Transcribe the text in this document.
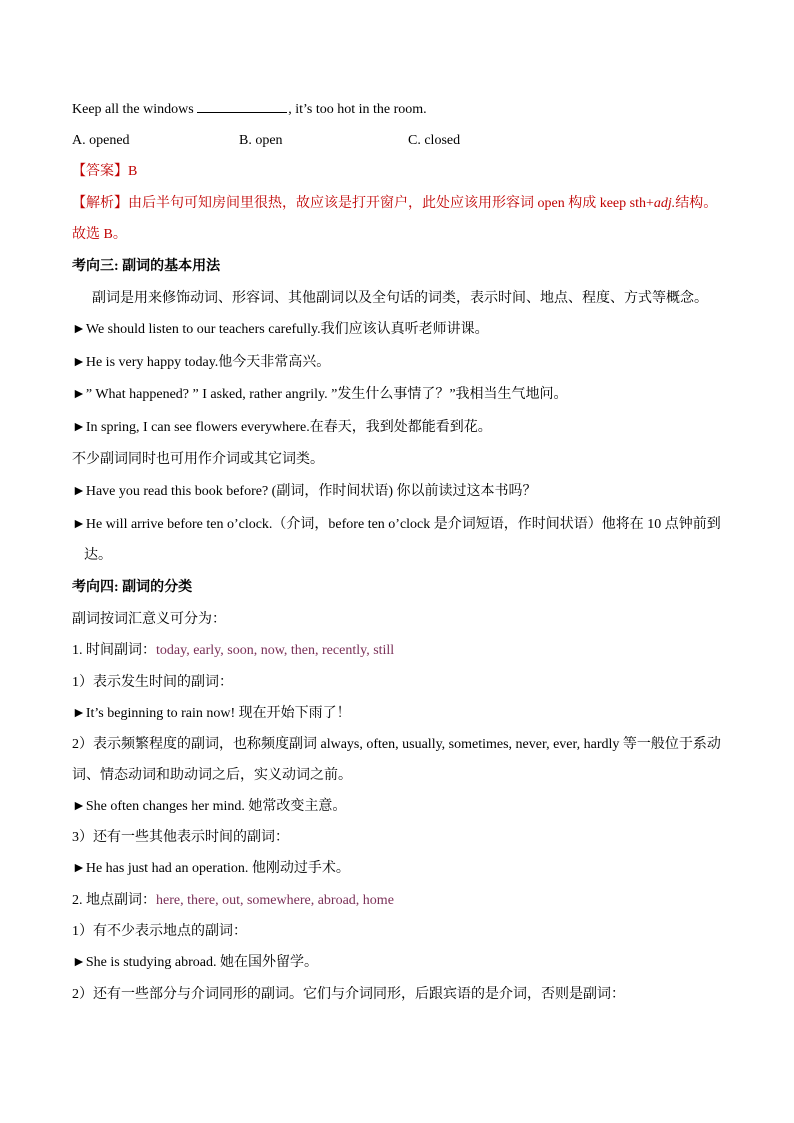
Keep all the windows	, it’s too hot in the room.
A. opened	B. open	C. closed
【答案】B
【解析】由后半句可知房间里很热，故应该是打开窗户，此处应该用形容词 open 构成 keep sth+adj.结构。
故选 B。
考向三: 副词的基本用法
副词是用来修饰动词、形容词、其他副词以及全句话的词类，表示时间、地点、程度、方式等概念。
►We should listen to our teachers carefully.我们应该认真听老师讲课。
►He is very happy today.他今天非常高兴。
►” What happened? ” I asked, rather angrily. ”发生什么事情了？”我相当生气地问。
►In spring, I can see flowers everywhere.在春天，我到处都能看到花。
不少副词同时也可用作介词或其它词类。
►Have you read this book before? (副词，作时间状语) 你以前读过这本书吗？
►He will arrive before ten o’clock.（介词，before ten o’clock 是介词短语，作时间状语）他将在 10 点钟前到
达。
考向四: 副词的分类
副词按词汇意义可分为：
1. 时间副词：today, early, soon, now, then, recently, still
1）表示发生时间的副词：
►It’s beginning to rain now! 现在开始下雨了！
2）表示频繁程度的副词，也称频度副词 always, often, usually, sometimes, never, ever, hardly 等一般位于系动
词、情态动词和助动词之后，实义动词之前。
►She often changes her mind. 她常改变主意。
3）还有一些其他表示时间的副词：
►He has just had an operation. 他刚动过手术。
2. 地点副词：here, there, out, somewhere, abroad, home
1）有不少表示地点的副词：
►She is studying abroad. 她在国外留学。
2）还有一些部分与介词同形的副词。它们与介词同形，后跟宾语的是介词，否则是副词：
